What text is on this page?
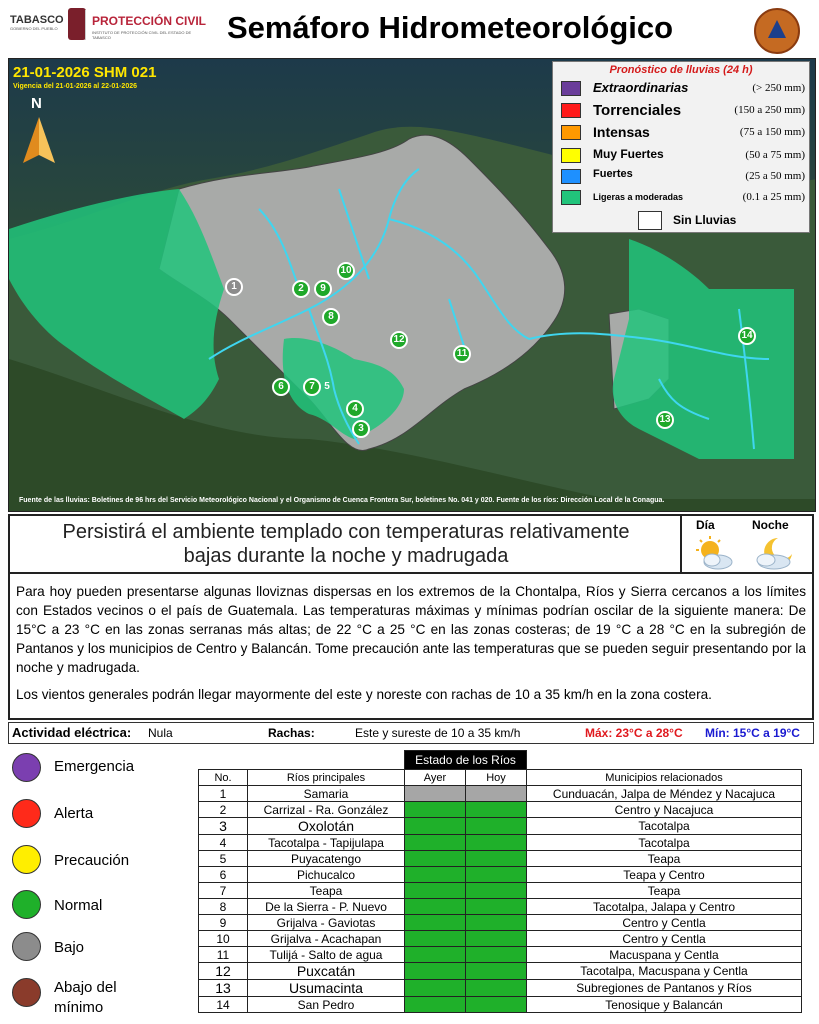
TABASCO
GOBIERNO DEL PUEBLO
PROTECCIÓN CIVIL
INSTITUTO DE PROTECCIÓN CIVIL DEL ESTADO DE TABASCO	Semáforo Hidrometeorológico
21-01-2026 SHM 021
Vigencia del 21-01-2026 al 22-01-2026
N
1	2
3
4
5
6	7
8
9
10
11
12
13
14
Pronóstico de lluvias (24 h)
Extraordinarias	(> 250 mm)
Torrenciales	(150 a 250 mm)
Intensas	(75 a 150 mm)
Muy Fuertes	(50 a 75 mm)
Fuertes	(25 a 50 mm)
Ligeras a moderadas	(0.1 a 25 mm)
Sin Lluvias
Fuente de las lluvias: Boletines de 96 hrs del Servicio Meteorológico Nacional y el Organismo de Cuenca Frontera Sur, boletines No. 041 y 020. Fuente de los ríos: Dirección Local de la Conagua.
Persistirá el ambiente templado con temperaturas relativamente
bajas durante la noche y madrugada
Día	Noche

Para hoy pueden presentarse algunas lloviznas dispersas en los extremos de la Chontalpa, Ríos y Sierra cercanos a los límites con Estados vecinos o el país de Guatemala. Las temperaturas máximas y mínimas podrían oscilar de la siguiente manera: De 15°C a 23 °C en las zonas serranas más altas; de 22 °C a 25 °C en las zonas costeras; de 19 °C a 28 °C en la subregión de Pantanos y los municipios de Centro y Balancán. Tome precaución ante las temperaturas que se pueden seguir presentando por la noche y madrugada.

Los vientos generales podrán llegar mayormente del este y noreste con rachas de 10 a 35 km/h en la zona costera.

Actividad eléctrica: Nula	Rachas:	Este y sureste de 10 a 35 km/h	Máx: 23°C a 28°C Mín: 15°C a 19°C
Emergencia
Alerta
Precaución
Normal
Bajo
Abajo del mínimo
		Estado de los Ríos		
No.	Ríos principales	Ayer	Hoy	Municipios relacionados
1	Samaria			Cunduacán, Jalpa de Méndez y Nacajuca
2	Carrizal - Ra. González			Centro y Nacajuca
3	Oxolotán			Tacotalpa
4	Tacotalpa - Tapijulapa			Tacotalpa
5	Puyacatengo			Teapa
6	Pichucalco			Teapa y Centro
7	Teapa			Teapa
8	De la Sierra - P. Nuevo			Tacotalpa, Jalapa y Centro
9	Grijalva - Gaviotas			Centro y Centla
10	Grijalva - Acachapan			Centro y Centla
11	Tulijá - Salto de agua			Macuspana y Centla
12	Puxcatán			Tacotalpa, Macuspana y Centla
13	Usumacinta			Subregiones de Pantanos y Ríos
14	San Pedro			Tenosique y Balancán
